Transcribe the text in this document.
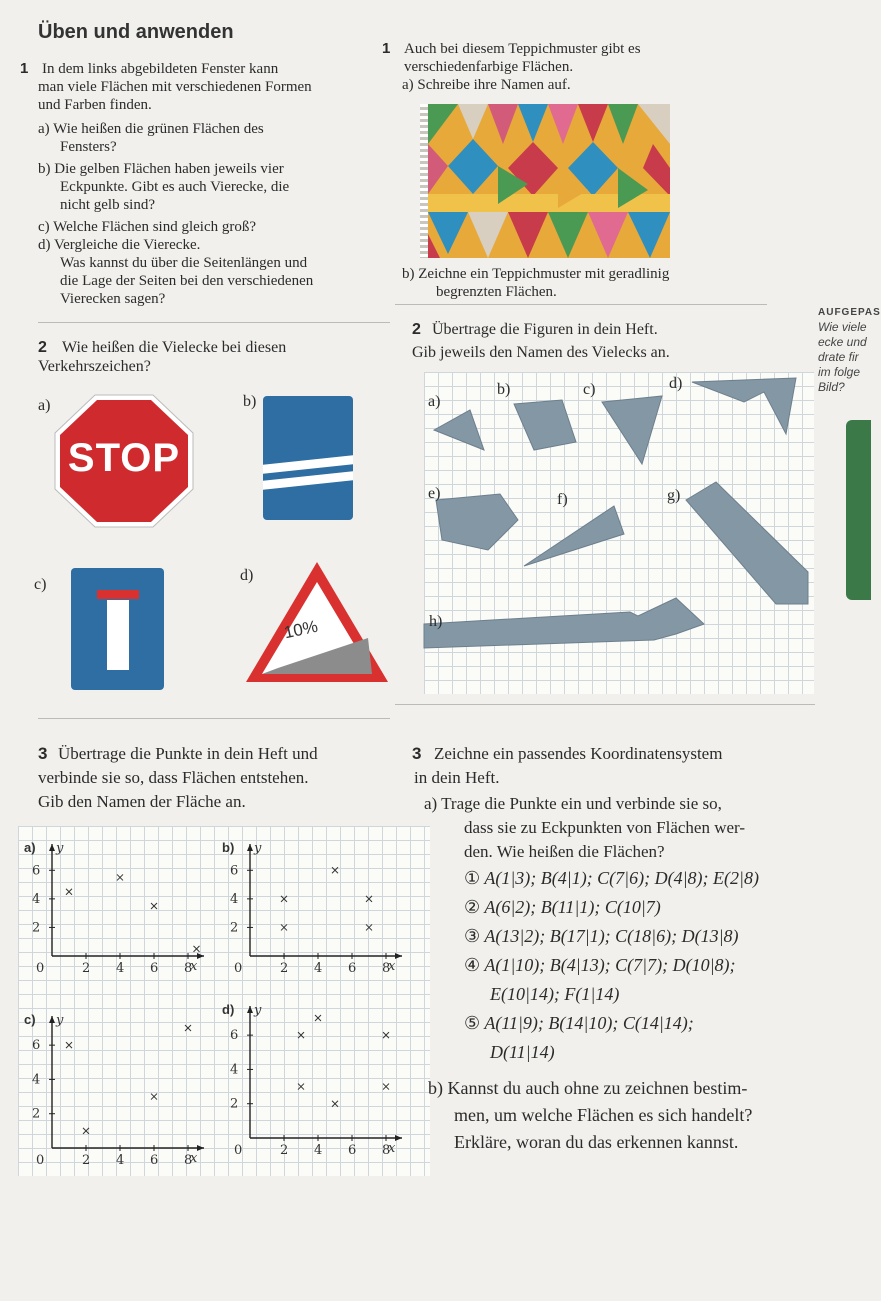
Üben und anwenden
1 In dem links abgebildeten Fenster kann
man viele Flächen mit verschiedenen Formen
und Farben finden.
a) Wie heißen die grünen Flächen des
Fensters?
b) Die gelben Flächen haben jeweils vier
Eckpunkte. Gibt es auch Vierecke, die
nicht gelb sind?
c) Welche Flächen sind gleich groß?
d) Vergleiche die Vierecke.
Was kannst du über die Seitenlängen und
die Lage der Seiten bei den verschiedenen
Vierecken sagen?
1 Auch bei diesem Teppichmuster gibt es
verschiedenfarbige Flächen.
a) Schreibe ihre Namen auf.
b) Zeichne ein Teppichmuster mit geradlinig
begrenzten Flächen.
AUFGEPAS
Wie viele
ecke und
drate fir
im folge
Bild?
2 Wie heißen die Vielecke bei diesen
Verkehrszeichen?
a)	b)
c)
d)
STOP
10%
2 Übertrage die Figuren in dein Heft.
Gib jeweils den Namen des Vielecks an.
a)
b)	c)	d)
e)	f)	g)
h)
3 Übertrage die Punkte in dein Heft und
verbinde sie so, dass Flächen entstehen.
Gib den Namen der Fläche an.
a) y
x
6
4
2
0	2 4 6 8
b) y
x
6
4
2
0	2 4 6 8
c) y
x
6
4
2
0	2 4 6 8
d) y
x
6
4
2
0	2 4 6 8
3 Zeichne ein passendes Koordinatensystem
in dein Heft.
a) Trage die Punkte ein und verbinde sie so,
dass sie zu Eckpunkten von Flächen wer-
den. Wie heißen die Flächen?
① A(1|3); B(4|1); C(7|6); D(4|8); E(2|8)
② A(6|2); B(11|1); C(10|7)
③ A(13|2); B(17|1); C(18|6); D(13|8)
④ A(1|10); B(4|13); C(7|7); D(10|8);
E(10|14); F(1|14)
⑤ A(11|9); B(14|10); C(14|14);
D(11|14)
b) Kannst du auch ohne zu zeichnen bestim-
men, um welche Flächen es sich handelt?
Erkläre, woran du das erkennen kannst.
